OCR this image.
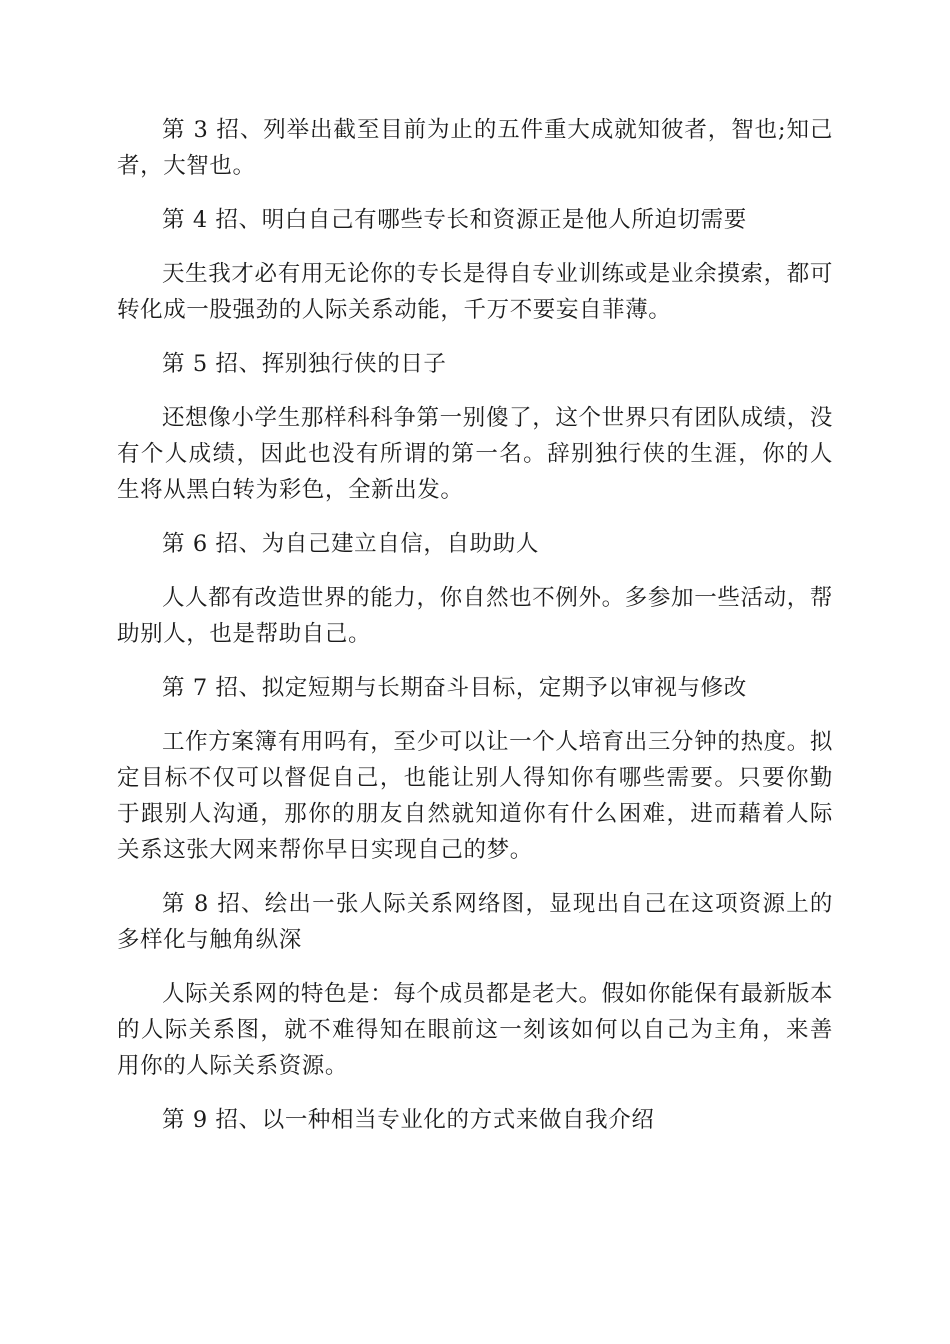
第 3 招、列举出截至目前为止的五件重大成就知彼者，智也;知己者，大智也。

第 4 招、明白自己有哪些专长和资源正是他人所迫切需要

天生我才必有用无论你的专长是得自专业训练或是业余摸索，都可转化成一股强劲的人际关系动能，千万不要妄自菲薄。

第 5 招、挥别独行侠的日子

还想像小学生那样科科争第一别傻了，这个世界只有团队成绩，没有个人成绩，因此也没有所谓的第一名。辞别独行侠的生涯，你的人生将从黑白转为彩色，全新出发。

第 6 招、为自己建立自信，自助助人

人人都有改造世界的能力，你自然也不例外。多参加一些活动，帮助别人，也是帮助自己。

第 7 招、拟定短期与长期奋斗目标，定期予以审视与修改

工作方案簿有用吗有，至少可以让一个人培育出三分钟的热度。拟定目标不仅可以督促自己，也能让别人得知你有哪些需要。只要你勤于跟别人沟通，那你的朋友自然就知道你有什么困难，进而藉着人际关系这张大网来帮你早日实现自己的梦。

第 8 招、绘出一张人际关系网络图，显现出自己在这项资源上的多样化与触角纵深

人际关系网的特色是：每个成员都是老大。假如你能保有最新版本的人际关系图，就不难得知在眼前这一刻该如何以自己为主角，来善用你的人际关系资源。

第 9 招、以一种相当专业化的方式来做自我介绍
